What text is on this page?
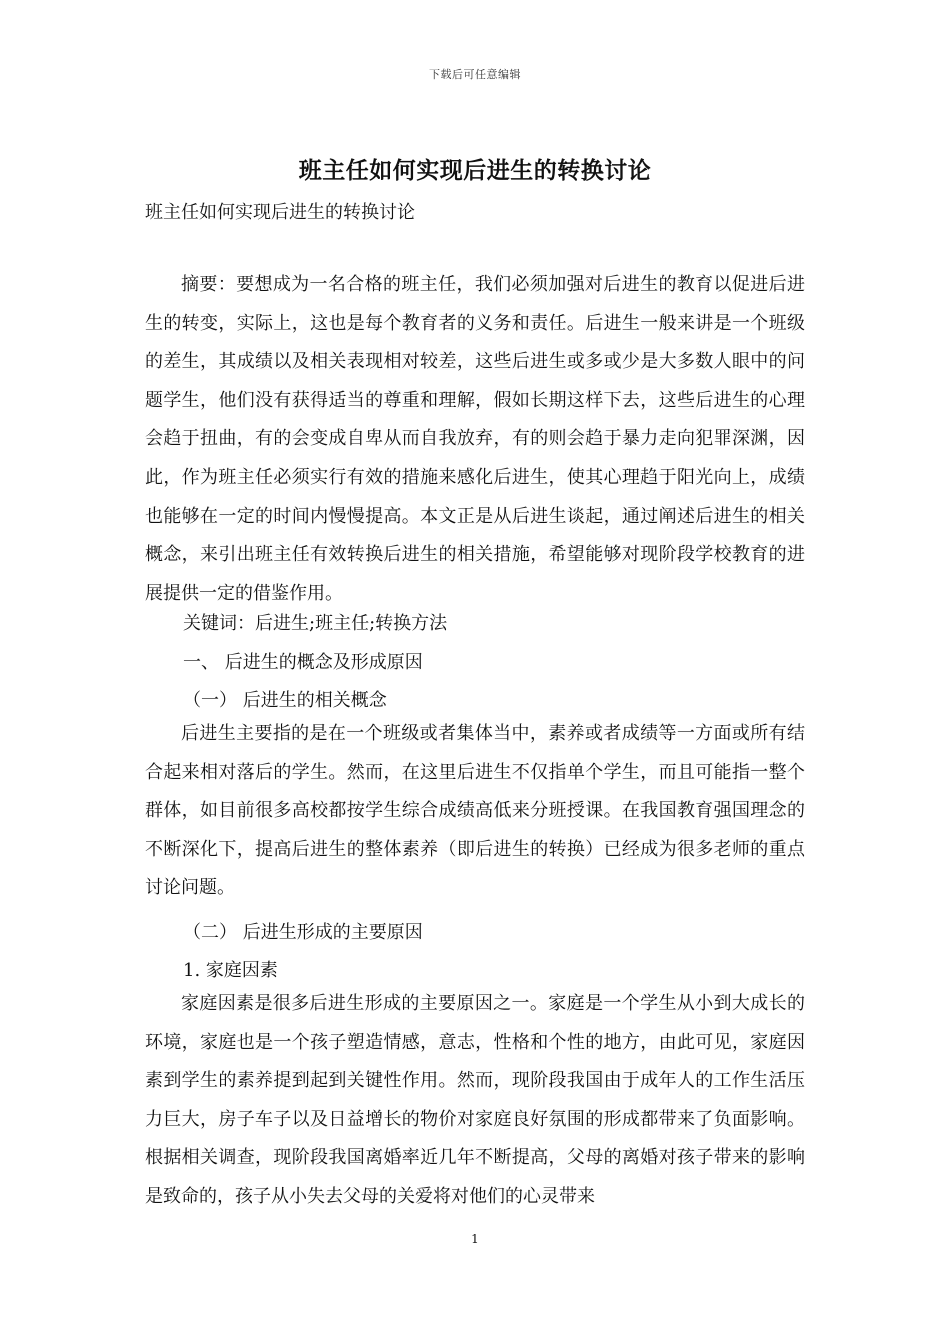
下载后可任意编辑
班主任如何实现后进生的转换讨论
班主任如何实现后进生的转换讨论

摘要：要想成为一名合格的班主任，我们必须加强对后进生的教育以促进后进生的转变，实际上，这也是每个教育者的义务和责任。后进生一般来讲是一个班级的差生，其成绩以及相关表现相对较差，这些后进生或多或少是大多数人眼中的问题学生，他们没有获得适当的尊重和理解，假如长期这样下去，这些后进生的心理会趋于扭曲，有的会变成自卑从而自我放弃，有的则会趋于暴力走向犯罪深渊，因此，作为班主任必须实行有效的措施来感化后进生，使其心理趋于阳光向上，成绩也能够在一定的时间内慢慢提高。本文正是从后进生谈起，通过阐述后进生的相关概念，来引出班主任有效转换后进生的相关措施，希望能够对现阶段学校教育的进展提供一定的借鉴作用。

关键词：后进生;班主任;转换方法
一、 后进生的概念及形成原因
（一） 后进生的相关概念

后进生主要指的是在一个班级或者集体当中，素养或者成绩等一方面或所有结合起来相对落后的学生。然而，在这里后进生不仅指单个学生，而且可能指一整个群体，如目前很多高校都按学生综合成绩高低来分班授课。在我国教育强国理念的不断深化下，提高后进生的整体素养（即后进生的转换）已经成为很多老师的重点讨论问题。

（二） 后进生形成的主要原因
1. 家庭因素

家庭因素是很多后进生形成的主要原因之一。家庭是一个学生从小到大成长的环境，家庭也是一个孩子塑造情感，意志，性格和个性的地方，由此可见，家庭因素到学生的素养提到起到关键性作用。然而，现阶段我国由于成年人的工作生活压力巨大，房子车子以及日益增长的物价对家庭良好氛围的形成都带来了负面影响。根据相关调查，现阶段我国离婚率近几年不断提高，父母的离婚对孩子带来的影响是致命的，孩子从小失去父母的关爱将对他们的心灵带来

1
